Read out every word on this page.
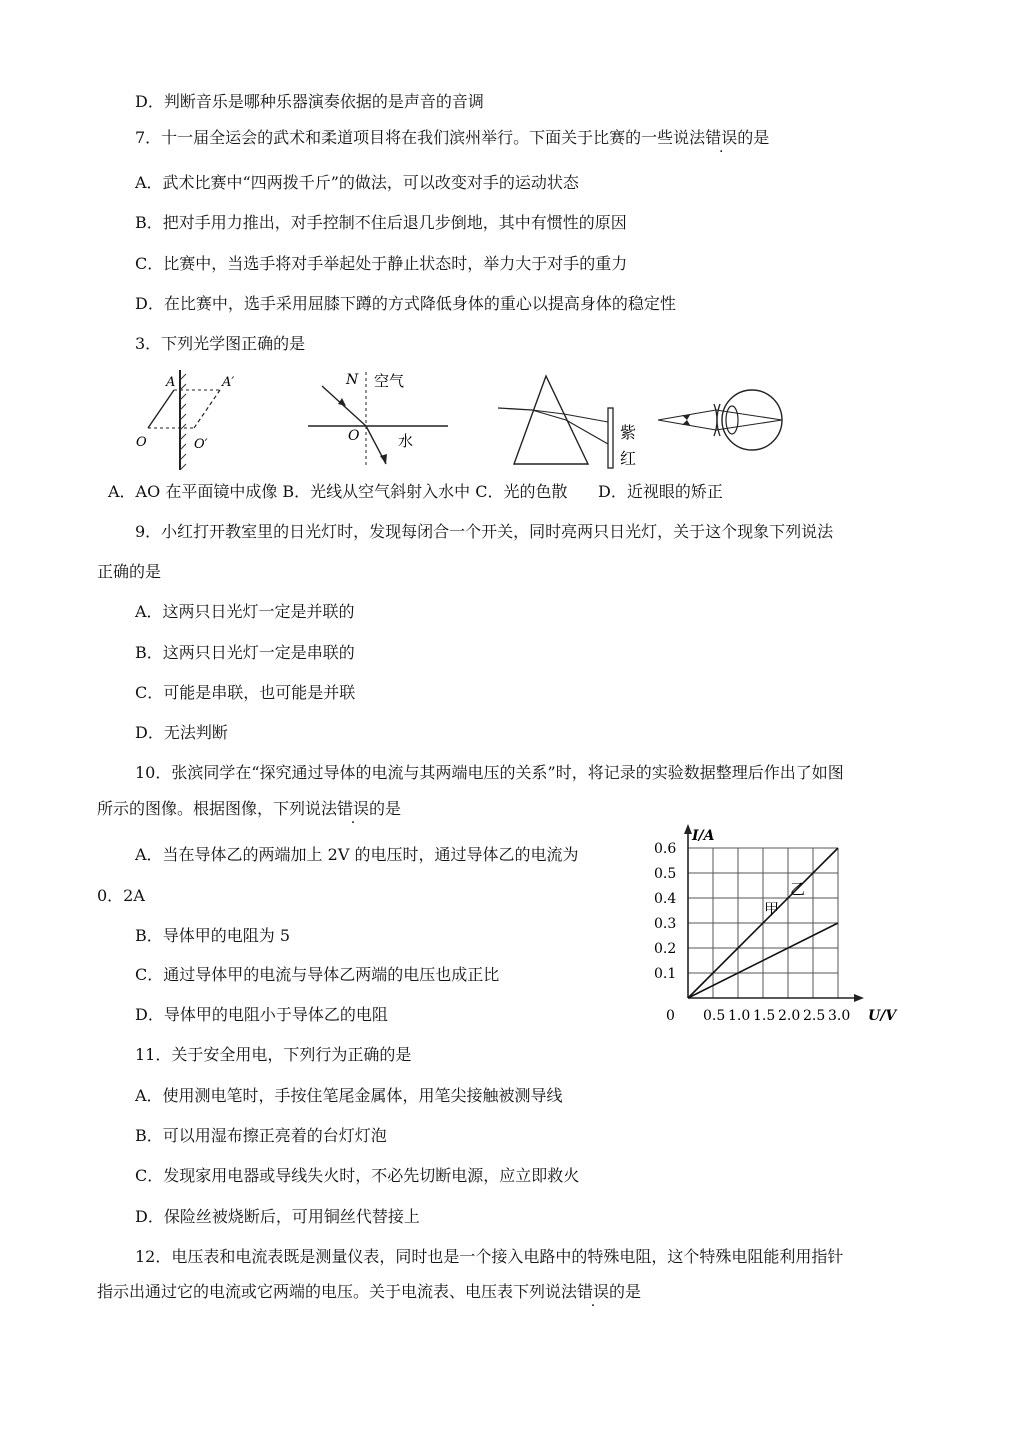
D．判断音乐是哪种乐器演奏依据的是声音的音调
7．十一届全运会的武术和柔道项目将在我们滨州举行。下面关于比赛的一些说法错误的是
A．武术比赛中“四两拨千斤”的做法，可以改变对手的运动状态
B．把对手用力推出，对手控制不住后退几步倒地，其中有惯性的原因
C．比赛中，当选手将对手举起处于静止状态时，举力大于对手的重力
D．在比赛中，选手采用屈膝下蹲的方式降低身体的重心以提高身体的稳定性
3．下列光学图正确的是
A．AO 在平面镜中成像 B．光线从空气斜射入水中 C．光的色散      D．近视眼的矫正
9．小红打开教室里的日光灯时，发现每闭合一个开关，同时亮两只日光灯，关于这个现象下列说法
正确的是
A．这两只日光灯一定是并联的
B．这两只日光灯一定是串联的
C．可能是串联，也可能是并联
D．无法判断
10．张滨同学在“探究通过导体的电流与其两端电压的关系”时，将记录的实验数据整理后作出了如图
所示的图像。根据图像，下列说法错误的是
A．当在导体乙的两端加上 2V 的电压时，通过导体乙的电流为
0．2A
B．导体甲的电阻为 5
C．通过导体甲的电流与导体乙两端的电压也成正比
D．导体甲的电阻小于导体乙的电阻
11．关于安全用电，下列行为正确的是
A．使用测电笔时，手按住笔尾金属体，用笔尖接触被测导线
B．可以用湿布擦正亮着的台灯灯泡
C．发现家用电器或导线失火时，不必先切断电源，应立即救火
D．保险丝被烧断后，可用铜丝代替接上
12．电压表和电流表既是测量仪表，同时也是一个接入电路中的特殊电阻，这个特殊电阻能利用指针
指示出通过它的电流或它两端的电压。关于电流表、电压表下列说法错误的是
A	A′
O	O′
N 空气
O	水	紫
红
甲
乙
0.1
0.2
0.3
0.4
0.5
0.6
0.5 1.0 1.5 2.0 2.5 3.0
I/A
U/V
0
